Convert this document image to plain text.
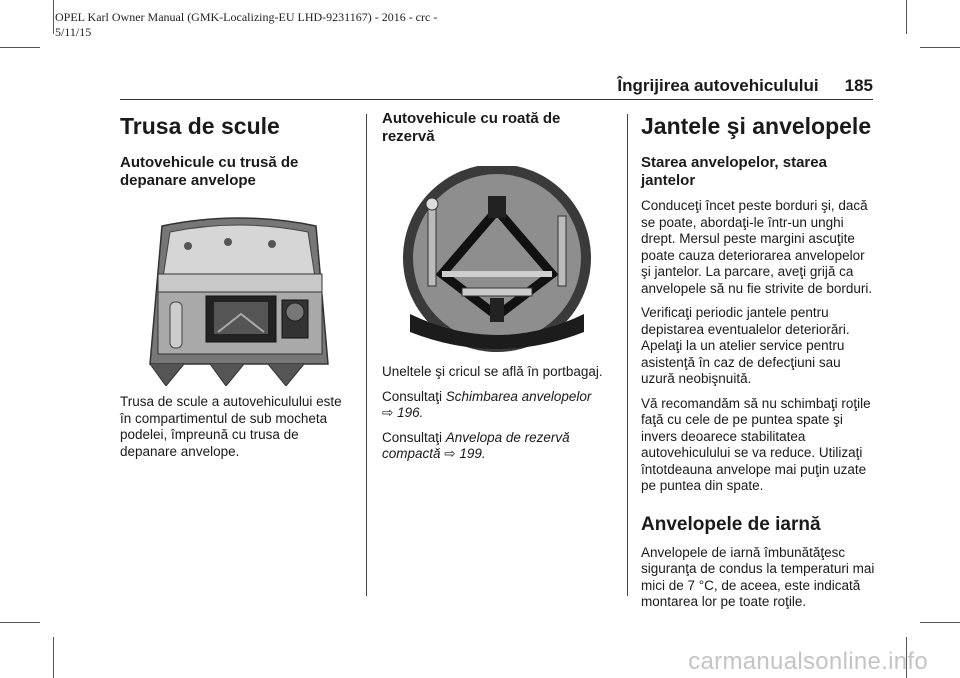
OPEL Karl Owner Manual (GMK-Localizing-EU LHD-9231167) - 2016 - crc -
5/11/15
Îngrijirea autovehiculului 185
Trusa de scule
Autovehicule cu trusă de depanare anvelope

Trusa de scule a autovehiculului este în compartimentul de sub mocheta podelei, împreună cu trusa de depanare anvelope.

Autovehicule cu roată de rezervă

Uneltele şi cricul se află în portbagaj.

Consultaţi Schimbarea anvelopelor ⇨ 196.

Consultaţi Anvelopa de rezervă compactă ⇨ 199.

Jantele şi anvelopele
Starea anvelopelor, starea jantelor

Conduceţi încet peste borduri şi, dacă se poate, abordaţi-le într-un unghi drept. Mersul peste margini ascuţite poate cauza deteriorarea anvelopelor şi jantelor. La parcare, aveţi grijă ca anvelopele să nu fie strivite de borduri.

Verificaţi periodic jantele pentru depistarea eventualelor deteriorări. Apelaţi la un atelier service pentru asistenţă în caz de defecţiuni sau uzură neobişnuită.

Vă recomandăm să nu schimbaţi roţile faţă cu cele de pe puntea spate şi invers deoarece stabilitatea autovehiculului se va reduce. Utilizaţi întotdeauna anvelope mai puţin uzate pe puntea din spate.

Anvelopele de iarnă

Anvelopele de iarnă îmbunătăţesc siguranţa de condus la temperaturi mai mici de 7 °C, de aceea, este indicată montarea lor pe toate roţile.

carmanualsonline.info
